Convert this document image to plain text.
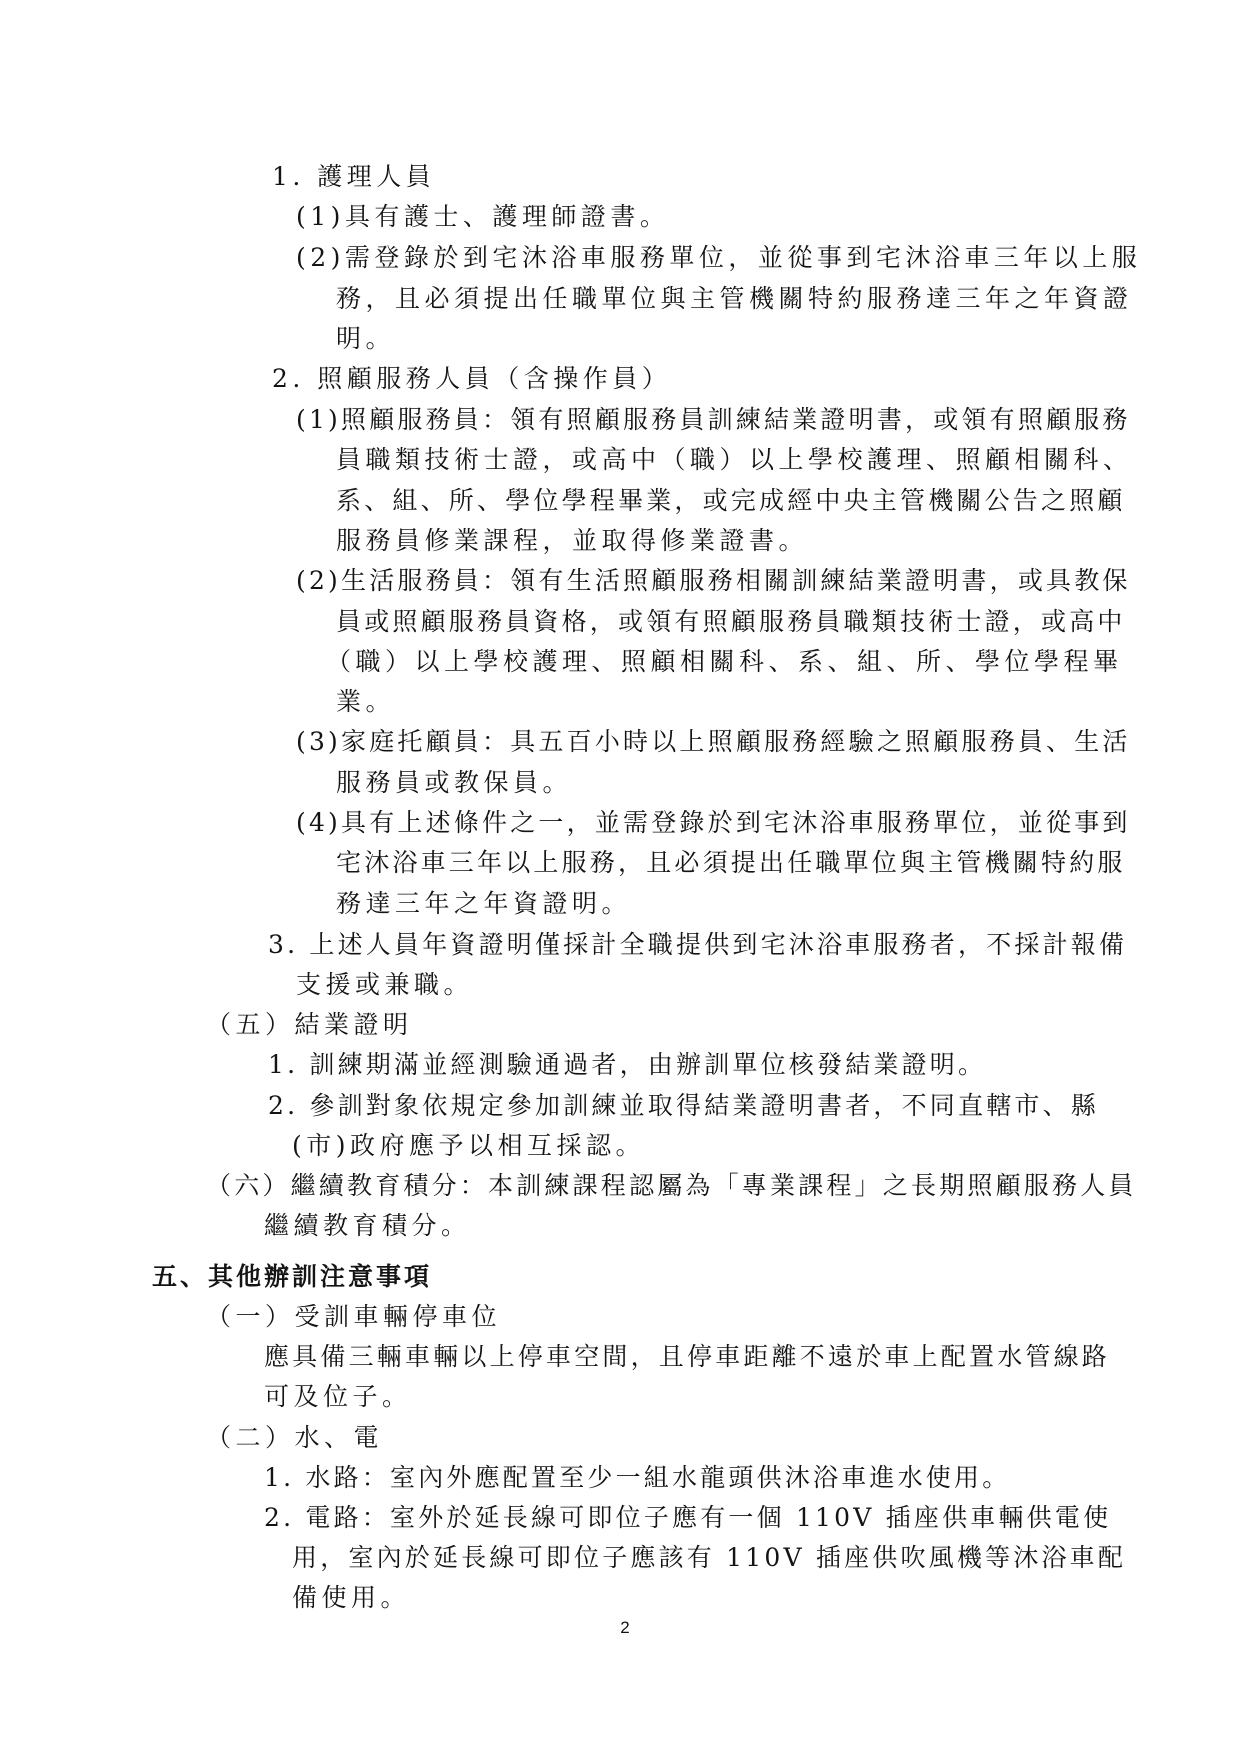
1. 護理人員
(1)具有護士、護理師證書。
(2)需登錄於到宅沐浴車服務單位，並從事到宅沐浴車三年以上服
務，且必須提出任職單位與主管機關特約服務達三年之年資證
明。
2. 照顧服務人員（含操作員）
(1)照顧服務員：領有照顧服務員訓練結業證明書，或領有照顧服務
員職類技術士證，或高中（職）以上學校護理、照顧相關科、
系、組、所、學位學程畢業，或完成經中央主管機關公告之照顧
服務員修業課程，並取得修業證書。
(2)生活服務員：領有生活照顧服務相關訓練結業證明書，或具教保
員或照顧服務員資格，或領有照顧服務員職類技術士證，或高中
（職）以上學校護理、照顧相關科、系、組、所、學位學程畢
業。
(3)家庭托顧員：具五百小時以上照顧服務經驗之照顧服務員、生活
服務員或教保員。
(4)具有上述條件之一，並需登錄於到宅沐浴車服務單位，並從事到
宅沐浴車三年以上服務，且必須提出任職單位與主管機關特約服
務達三年之年資證明。
3. 上述人員年資證明僅採計全職提供到宅沐浴車服務者，不採計報備
支援或兼職。
（五）結業證明
1. 訓練期滿並經測驗通過者，由辦訓單位核發結業證明。
2. 參訓對象依規定參加訓練並取得結業證明書者，不同直轄市、縣
(市)政府應予以相互採認。
（六）繼續教育積分：本訓練課程認屬為「專業課程」之長期照顧服務人員
繼續教育積分。
五、其他辦訓注意事項
（一）受訓車輛停車位
應具備三輛車輛以上停車空間，且停車距離不遠於車上配置水管線路
可及位子。
（二）水、電
1. 水路：室內外應配置至少一組水龍頭供沐浴車進水使用。
2. 電路：室外於延長線可即位子應有一個 110V 插座供車輛供電使
用，室內於延長線可即位子應該有 110V 插座供吹風機等沐浴車配
備使用。
2
